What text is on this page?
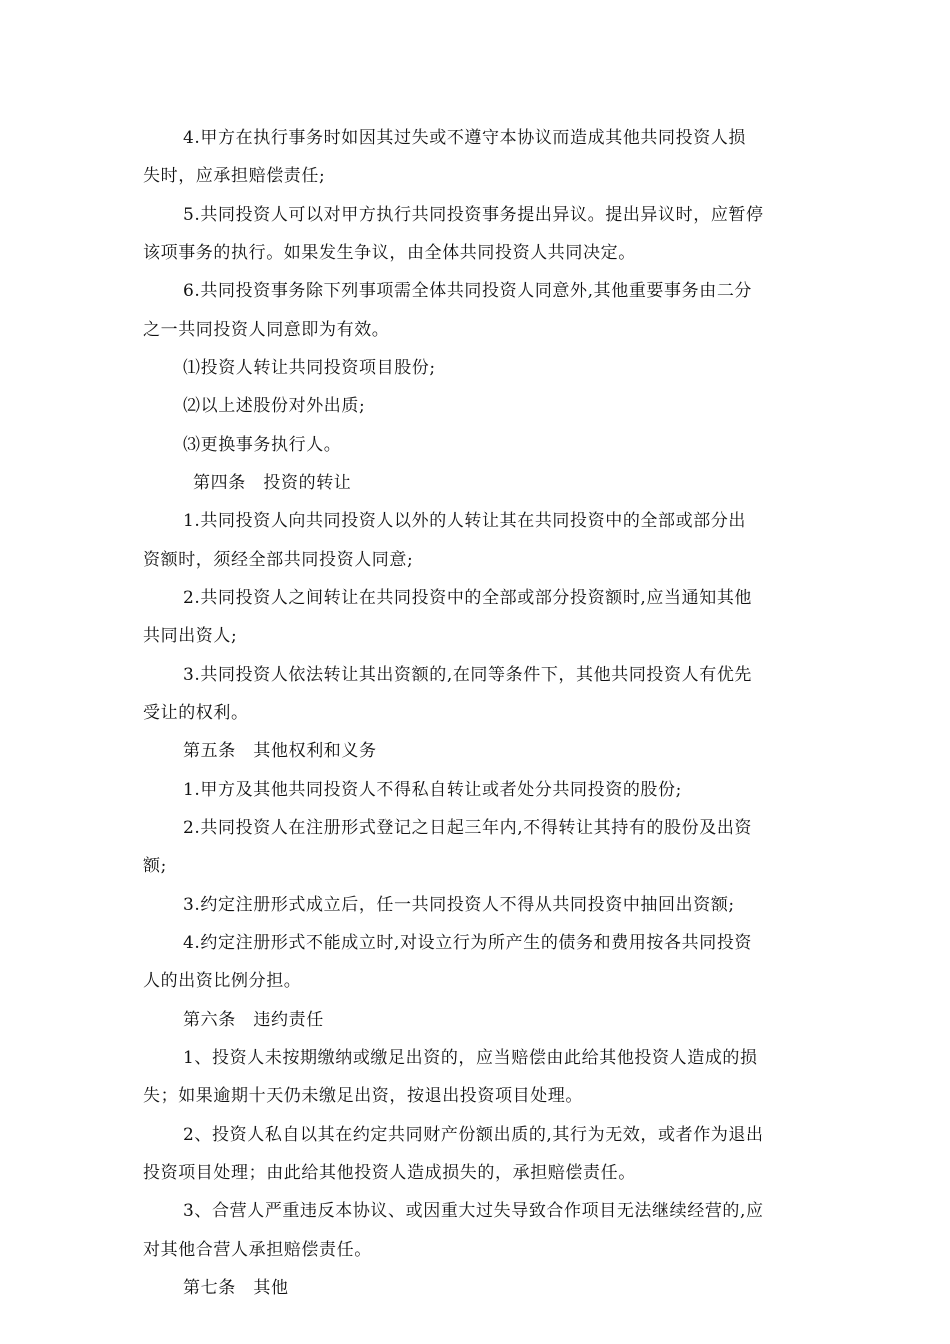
4.甲方在执行事务时如因其过失或不遵守本协议而造成其他共同投资人损
失时，应承担赔偿责任;
5.共同投资人可以对甲方执行共同投资事务提出异议。提出异议时，应暂停
该项事务的执行。如果发生争议，由全体共同投资人共同决定。
6.共同投资事务除下列事项需全体共同投资人同意外,其他重要事务由二分
之一共同投资人同意即为有效。
⑴投资人转让共同投资项目股份;
⑵以上述股份对外出质;
⑶更换事务执行人。
第四条　投资的转让
1.共同投资人向共同投资人以外的人转让其在共同投资中的全部或部分出
资额时，须经全部共同投资人同意;
2.共同投资人之间转让在共同投资中的全部或部分投资额时,应当通知其他
共同出资人;
3.共同投资人依法转让其出资额的,在同等条件下，其他共同投资人有优先
受让的权利。
第五条　其他权利和义务
1.甲方及其他共同投资人不得私自转让或者处分共同投资的股份;
2.共同投资人在注册形式登记之日起三年内,不得转让其持有的股份及出资
额;
3.约定注册形式成立后，任一共同投资人不得从共同投资中抽回出资额;
4.约定注册形式不能成立时,对设立行为所产生的债务和费用按各共同投资
人的出资比例分担。
第六条　违约责任
1、投资人未按期缴纳或缴足出资的，应当赔偿由此给其他投资人造成的损
失；如果逾期十天仍未缴足出资，按退出投资项目处理。
2、投资人私自以其在约定共同财产份额出质的,其行为无效，或者作为退出
投资项目处理；由此给其他投资人造成损失的，承担赔偿责任。
3、合营人严重违反本协议、或因重大过失导致合作项目无法继续经营的,应
对其他合营人承担赔偿责任。
第七条　其他
